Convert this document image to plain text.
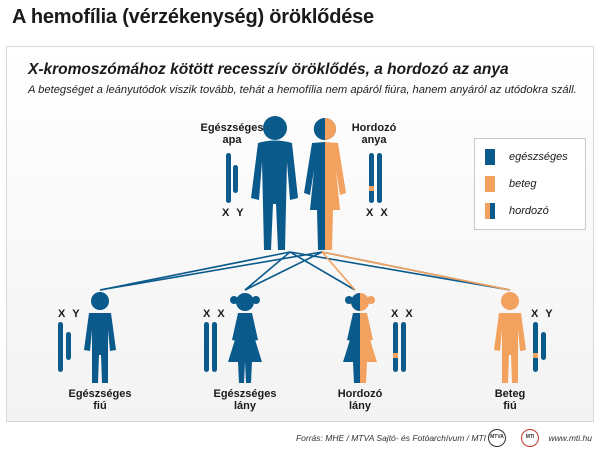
A hemofília (vérzékenység) öröklődése
X-kromoszómához kötött recesszív öröklődés, a hordozó az anya
A betegséget a leányutódok viszik tovább, tehát a hemofília nem apáról fiúra, hanem anyáról az utódokra száll.
Egészséges
apa
X Y
Hordozó
anya
X X
X Y
Egészséges
fiú
X X
Egészséges
lány
X X
Hordozó
lány
X Y
Beteg
fiú
egészséges
beteg
hordozó
Forrás: MHE / MTVA Sajtó- és Fotóarchívum / MTI MTVA	MTI	www.mti.hu
